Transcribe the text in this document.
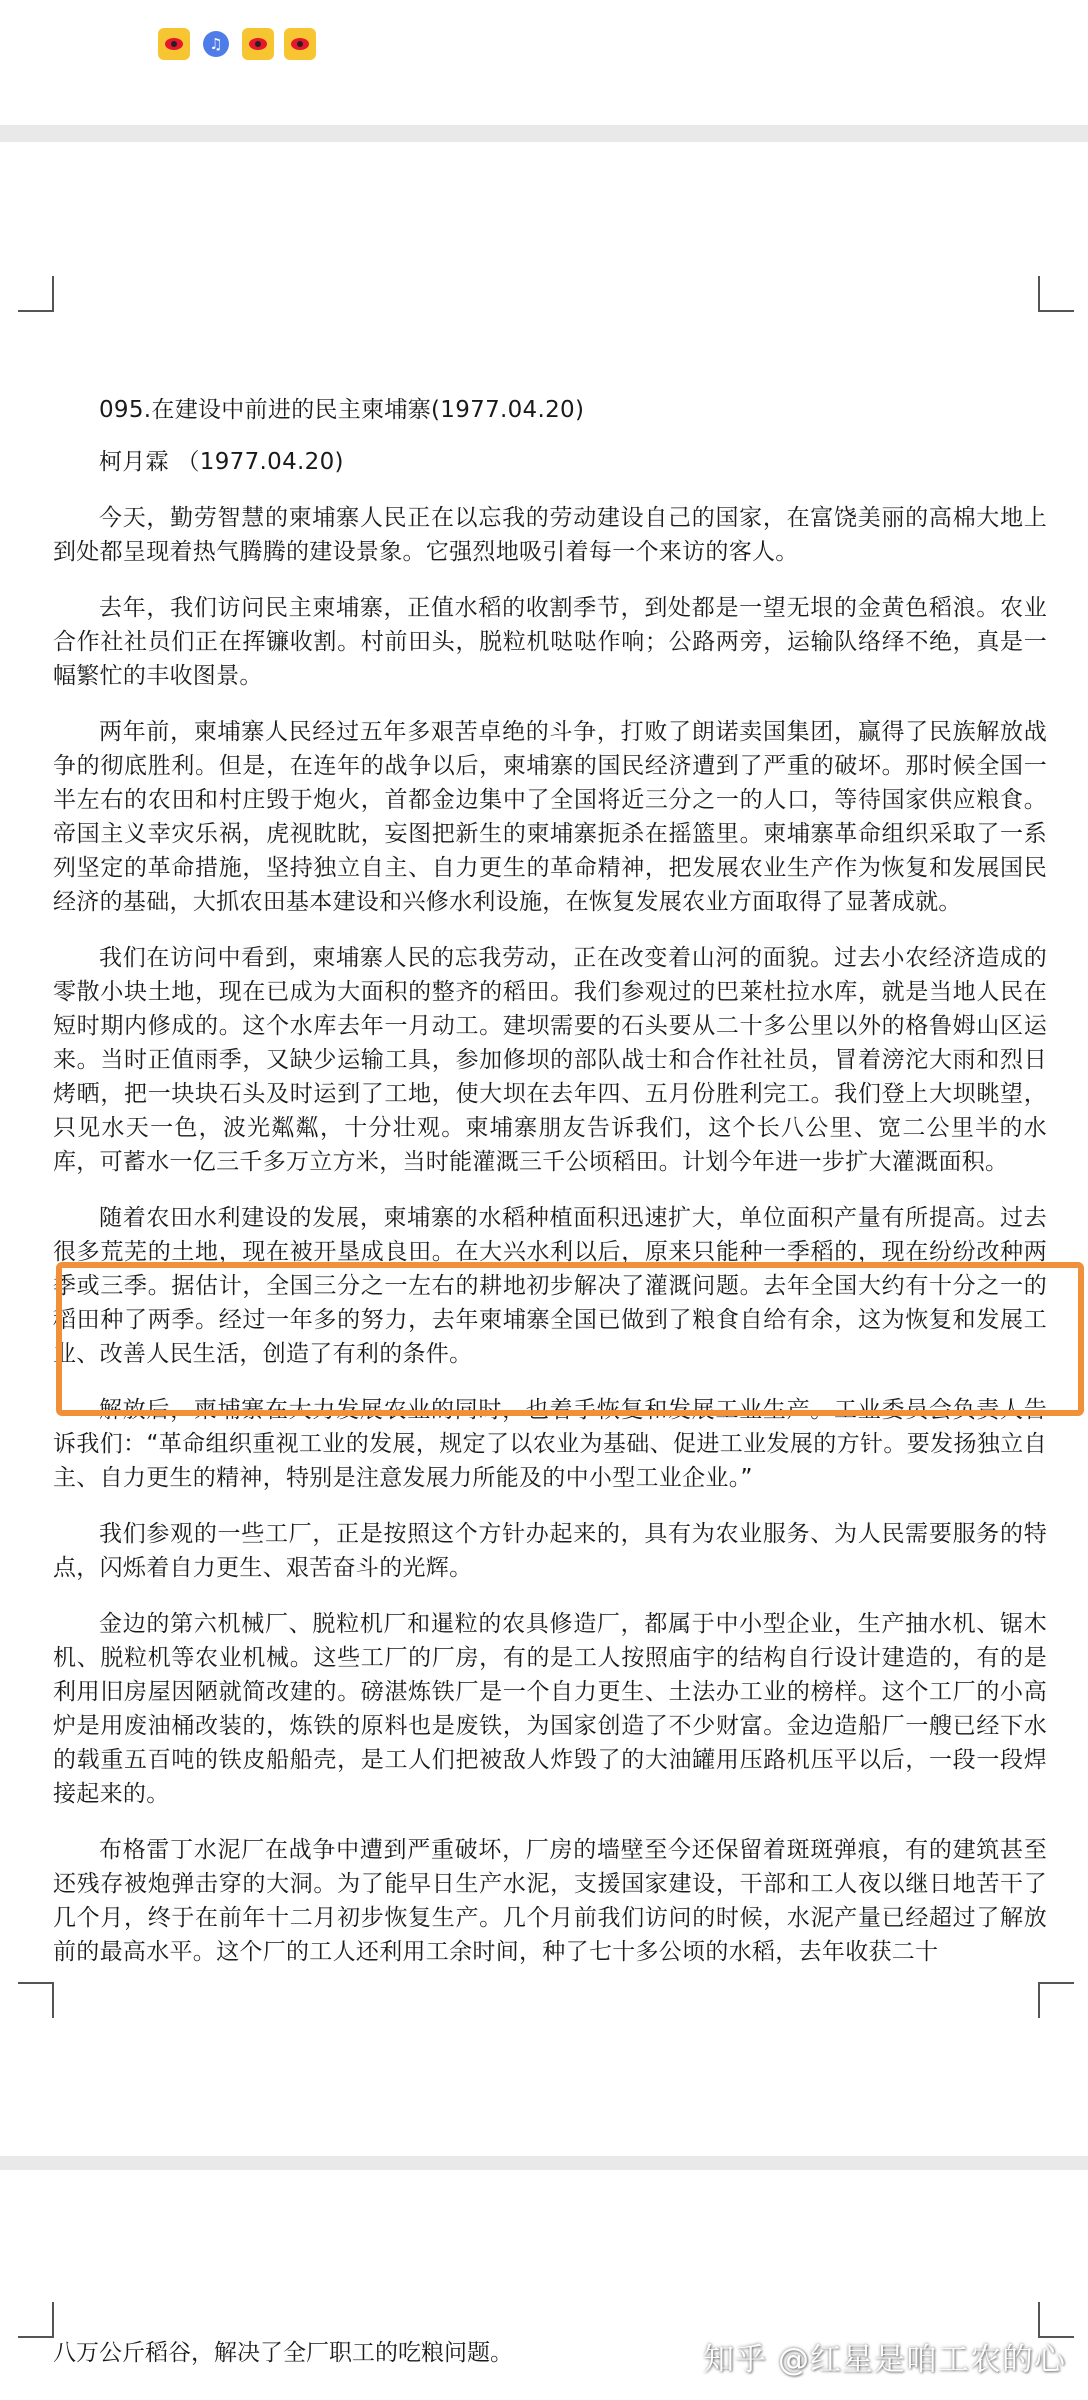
♫

095.在建设中前进的民主柬埔寨(1977.04.20)

柯月霖 （1977.04.20)

今天，勤劳智慧的柬埔寨人民正在以忘我的劳动建设自己的国家，在富饶美丽的高棉大地上到处都呈现着热气腾腾的建设景象。它强烈地吸引着每一个来访的客人。

去年，我们访问民主柬埔寨，正值水稻的收割季节，到处都是一望无垠的金黄色稻浪。农业合作社社员们正在挥镰收割。村前田头，脱粒机哒哒作响；公路两旁，运输队络绎不绝，真是一幅繁忙的丰收图景。

两年前，柬埔寨人民经过五年多艰苦卓绝的斗争，打败了朗诺卖国集团，赢得了民族解放战争的彻底胜利。但是，在连年的战争以后，柬埔寨的国民经济遭到了严重的破坏。那时候全国一半左右的农田和村庄毁于炮火，首都金边集中了全国将近三分之一的人口，等待国家供应粮食。帝国主义幸灾乐祸，虎视眈眈，妄图把新生的柬埔寨扼杀在摇篮里。柬埔寨革命组织采取了一系列坚定的革命措施，坚持独立自主、自力更生的革命精神，把发展农业生产作为恢复和发展国民经济的基础，大抓农田基本建设和兴修水利设施，在恢复发展农业方面取得了显著成就。

我们在访问中看到，柬埔寨人民的忘我劳动，正在改变着山河的面貌。过去小农经济造成的零散小块土地，现在已成为大面积的整齐的稻田。我们参观过的巴莱杜拉水库，就是当地人民在短时期内修成的。这个水库去年一月动工。建坝需要的石头要从二十多公里以外的格鲁姆山区运来。当时正值雨季，又缺少运输工具，参加修坝的部队战士和合作社社员，冒着滂沱大雨和烈日烤晒，把一块块石头及时运到了工地，使大坝在去年四、五月份胜利完工。我们登上大坝眺望，只见水天一色，波光粼粼，十分壮观。柬埔寨朋友告诉我们，这个长八公里、宽二公里半的水库，可蓄水一亿三千多万立方米，当时能灌溉三千公顷稻田。计划今年进一步扩大灌溉面积。

随着农田水利建设的发展，柬埔寨的水稻种植面积迅速扩大，单位面积产量有所提高。过去很多荒芜的土地，现在被开垦成良田。在大兴水利以后，原来只能种一季稻的，现在纷纷改种两季或三季。据估计，全国三分之一左右的耕地初步解决了灌溉问题。去年全国大约有十分之一的稻田种了两季。经过一年多的努力，去年柬埔寨全国已做到了粮食自给有余，这为恢复和发展工业、改善人民生活，创造了有利的条件。

解放后，柬埔寨在大力发展农业的同时，也着手恢复和发展工业生产。工业委员会负责人告诉我们：“革命组织重视工业的发展，规定了以农业为基础、促进工业发展的方针。要发扬独立自主、自力更生的精神，特别是注意发展力所能及的中小型工业企业。”

我们参观的一些工厂，正是按照这个方针办起来的，具有为农业服务、为人民需要服务的特点，闪烁着自力更生、艰苦奋斗的光辉。

金边的第六机械厂、脱粒机厂和暹粒的农具修造厂，都属于中小型企业，生产抽水机、锯木机、脱粒机等农业机械。这些工厂的厂房，有的是工人按照庙宇的结构自行设计建造的，有的是利用旧房屋因陋就简改建的。磅湛炼铁厂是一个自力更生、土法办工业的榜样。这个工厂的小高炉是用废油桶改装的，炼铁的原料也是废铁，为国家创造了不少财富。金边造船厂一艘已经下水的载重五百吨的铁皮船船壳，是工人们把被敌人炸毁了的大油罐用压路机压平以后，一段一段焊接起来的。

布格雷丁水泥厂在战争中遭到严重破坏，厂房的墙壁至今还保留着斑斑弹痕，有的建筑甚至还残存被炮弹击穿的大洞。为了能早日生产水泥，支援国家建设，干部和工人夜以继日地苦干了几个月，终于在前年十二月初步恢复生产。几个月前我们访问的时候，水泥产量已经超过了解放前的最高水平。这个厂的工人还利用工余时间，种了七十多公顷的水稻，去年收获二十

八万公斤稻谷，解决了全厂职工的吃粮问题。	知乎 @红星是咱工农的心
